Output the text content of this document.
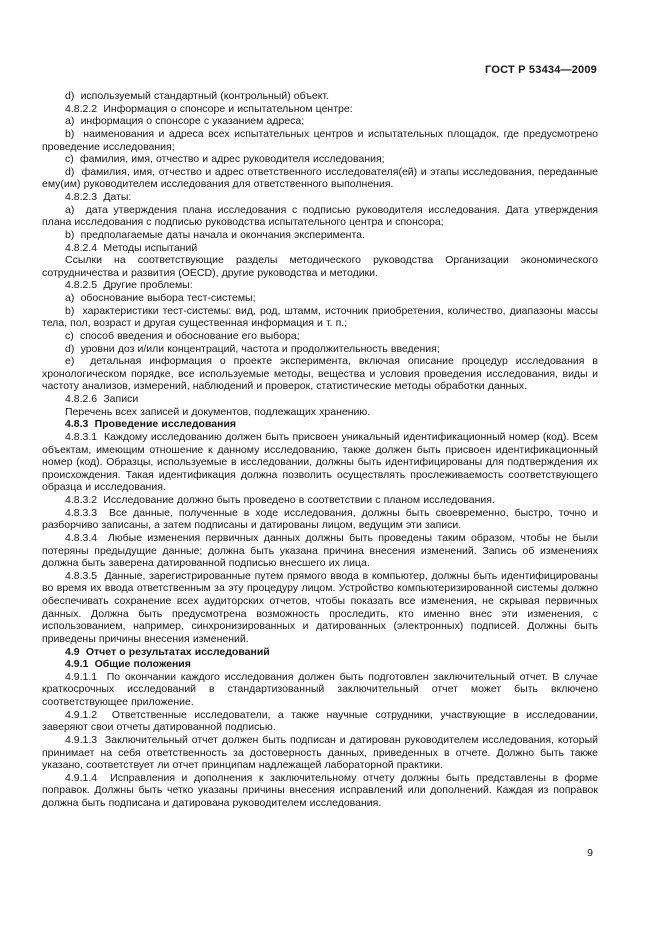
ГОСТ Р 53434—2009

d)  используемый стандартный (контрольный) объект.

4.8.2.2  Информация о спонсоре и испытательном центре:

a)  информация о спонсоре с указанием адреса;

b)  наименования и адреса всех испытательных центров и испытательных площадок, где предусмотрено проведение исследования;

c)  фамилия, имя, отчество и адрес руководителя исследования;

d)  фамилия, имя, отчество и адрес ответственного исследователя(ей) и этапы исследования, переданные ему(им) руководителем исследования для ответственного выполнения.

4.8.2.3  Даты:

a)  дата утверждения плана исследования с подписью руководителя исследования. Дата утверждения плана исследования с подписью руководства испытательного центра и спонсора;

b)  предполагаемые даты начала и окончания эксперимента.

4.8.2.4  Методы испытаний

Ссылки на соответствующие разделы методического руководства Организации экономического сотрудничества и развития (OECD), другие руководства и методики.

4.8.2.5  Другие проблемы:

a)  обоснование выбора тест-системы;

b)  характеристики тест-системы: вид, род, штамм, источник приобретения, количество, диапазоны массы тела, пол, возраст и другая существенная информация и т. п.;

c)  способ введения и обоснование его выбора;

d)  уровни доз и/или концентраций, частота и продолжительность введения;

e)  детальная информация о проекте эксперимента, включая описание процедур исследования в хронологическом порядке, все используемые методы, вещества и условия проведения исследования, виды и частоту анализов, измерений, наблюдений и проверок, статистические методы обработки данных.

4.8.2.6  Записи

Перечень всех записей и документов, подлежащих хранению.

4.8.3  Проведение исследования

4.8.3.1  Каждому исследованию должен быть присвоен уникальный идентификационный номер (код). Всем объектам, имеющим отношение к данному исследованию, также должен быть присвоен идентификационный номер (код). Образцы, используемые в исследовании, должны быть идентифицированы для подтверждения их происхождения. Такая идентификация должна позволить осуществлять прослеживаемость соответствующего образца и исследования.

4.8.3.2  Исследование должно быть проведено в соответствии с планом исследования.

4.8.3.3  Все данные, полученные в ходе исследования, должны быть своевременно, быстро, точно и разборчиво записаны, а затем подписаны и датированы лицом, ведущим эти записи.

4.8.3.4  Любые изменения первичных данных должны быть проведены таким образом, чтобы не были потеряны предыдущие данные; должна быть указана причина внесения изменений. Запись об изменениях должна быть заверена датированной подписью внесшего их лица.

4.8.3.5  Данные, зарегистрированные путем прямого ввода в компьютер, должны быть идентифицированы во время их ввода ответственным за эту процедуру лицом. Устройство компьютеризированной системы должно обеспечивать сохранение всех аудиторских отчетов, чтобы показать все изменения, не скрывая первичных данных. Должна быть предусмотрена возможность проследить, кто именно внес эти изменения, с использованием, например, синхронизированных и датированных (электронных) подписей. Должны быть приведены причины внесения изменений.

4.9  Отчет о результатах исследований

4.9.1  Общие положения

4.9.1.1  По окончании каждого исследования должен быть подготовлен заключительный отчет. В случае краткосрочных исследований в стандартизованный заключительный отчет может быть включено соответствующее приложение.

4.9.1.2  Ответственные исследователи, а также научные сотрудники, участвующие в исследовании, заверяют свои отчеты датированной подписью.

4.9.1.3  Заключительный отчет должен быть подписан и датирован руководителем исследования, который принимает на себя ответственность за достоверность данных, приведенных в отчете. Должно быть также указано, соответствует ли отчет принципам надлежащей лабораторной практики.

4.9.1.4  Исправления и дополнения к заключительному отчету должны быть представлены в форме поправок. Должны быть четко указаны причины внесения исправлений или дополнений. Каждая из поправок должна быть подписана и датирована руководителем исследования.

9
